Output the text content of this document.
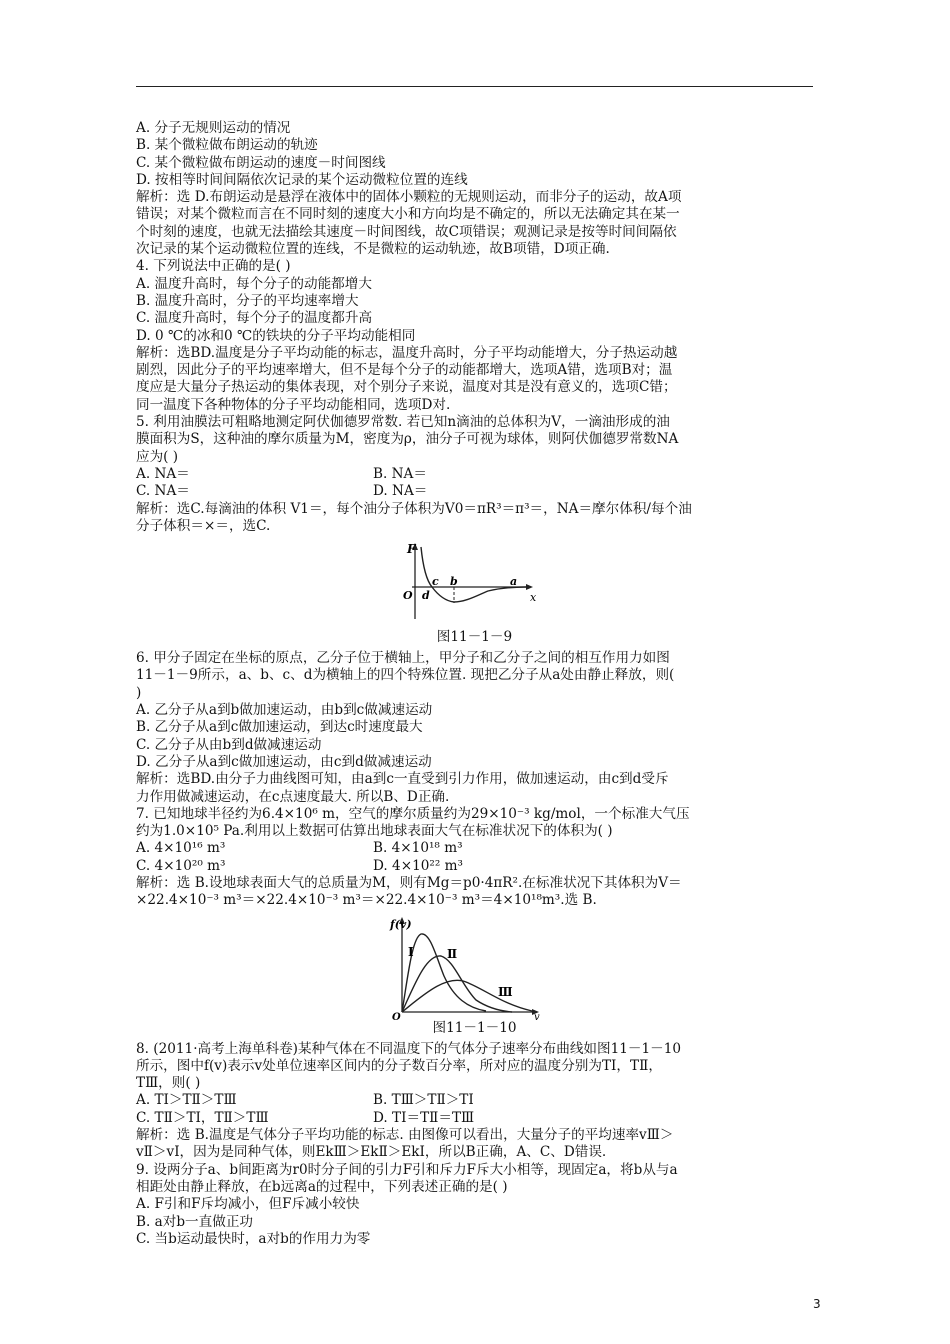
A. 分子无规则运动的情况

B. 某个微粒做布朗运动的轨迹

C. 某个微粒做布朗运动的速度－时间图线

D. 按相等时间间隔依次记录的某个运动微粒位置的连线

解析：选 D.布朗运动是悬浮在液体中的固体小颗粒的无规则运动，而非分子的运动，故A项

错误；对某个微粒而言在不同时刻的速度大小和方向均是不确定的，所以无法确定其在某一

个时刻的速度，也就无法描绘其速度－时间图线，故C项错误；观测记录是按等时间间隔依

次记录的某个运动微粒位置的连线，不是微粒的运动轨迹，故B项错，D项正确.

4. 下列说法中正确的是( )

A. 温度升高时，每个分子的动能都增大

B. 温度升高时，分子的平均速率增大

C. 温度升高时，每个分子的温度都升高

D. 0 ℃的冰和0 ℃的铁块的分子平均动能相同

解析：选BD.温度是分子平均动能的标志，温度升高时，分子平均动能增大，分子热运动越

剧烈，因此分子的平均速率增大，但不是每个分子的动能都增大，选项A错，选项B对；温

度应是大量分子热运动的集体表现，对个别分子来说，温度对其是没有意义的，选项C错；

同一温度下各种物体的分子平均动能相同，选项D对.

5. 利用油膜法可粗略地测定阿伏伽德罗常数. 若已知n滴油的总体积为V，一滴油形成的油

膜面积为S，这种油的摩尔质量为M，密度为ρ，油分子可视为球体，则阿伏伽德罗常数NA

应为( )

A. NA＝	B. NA＝
C. NA＝	D. NA＝

解析：选C.每滴油的体积 V1＝，每个油分子体积为V0＝πR³＝π³＝，NA＝摩尔体积/每个油

分子体积＝×＝，选C.

F
x
O
c b	a
d
图11－1－9

6. 甲分子固定在坐标的原点，乙分子位于横轴上，甲分子和乙分子之间的相互作用力如图

11－1－9所示，a、b、c、d为横轴上的四个特殊位置. 现把乙分子从a处由静止释放，则(

)

A. 乙分子从a到b做加速运动，由b到c做减速运动

B. 乙分子从a到c做加速运动，到达c时速度最大

C. 乙分子从由b到d做减速运动

D. 乙分子从a到c做加速运动，由c到d做减速运动

解析：选BD.由分子力曲线图可知，由a到c一直受到引力作用，做加速运动，由c到d受斥

力作用做减速运动，在c点速度最大. 所以B、D正确.

7. 已知地球半径约为6.4×10⁶ m，空气的摩尔质量约为29×10⁻³ kg/mol，一个标准大气压

约为1.0×10⁵ Pa.利用以上数据可估算出地球表面大气在标准状况下的体积为( )

A. 4×10¹⁶ m³	B. 4×10¹⁸ m³
C. 4×10²⁰ m³	D. 4×10²² m³

解析：选 B.设地球表面大气的总质量为M，则有Mg＝p0·4πR².在标准状况下其体积为V＝

×22.4×10⁻³ m³＝×22.4×10⁻³ m³＝×22.4×10⁻³ m³＝4×10¹⁸m³.选 B.

f(v)
v
O
Ⅰ	Ⅱ
Ⅲ
图11－1－10

8. (2011·高考上海单科卷)某种气体在不同温度下的气体分子速率分布曲线如图11－1－10

所示，图中f(v)表示v处单位速率区间内的分子数百分率，所对应的温度分别为TⅠ，TⅡ，

TⅢ，则( )

A. TⅠ＞TⅡ＞TⅢ	B. TⅢ＞TⅡ＞TⅠ
C. TⅡ＞TⅠ，TⅡ＞TⅢ	D. TⅠ＝TⅡ＝TⅢ

解析：选 B.温度是气体分子平均功能的标志. 由图像可以看出，大量分子的平均速率vⅢ＞

vⅡ＞vⅠ，因为是同种气体，则EkⅢ＞EkⅡ＞EkⅠ，所以B正确，A、C、D错误.

9. 设两分子a、b间距离为r0时分子间的引力F引和斥力F斥大小相等，现固定a，将b从与a

相距处由静止释放，在b远离a的过程中，下列表述正确的是( )

A. F引和F斥均减小，但F斥减小较快

B. a对b一直做正功

C. 当b运动最快时，a对b的作用力为零

3
